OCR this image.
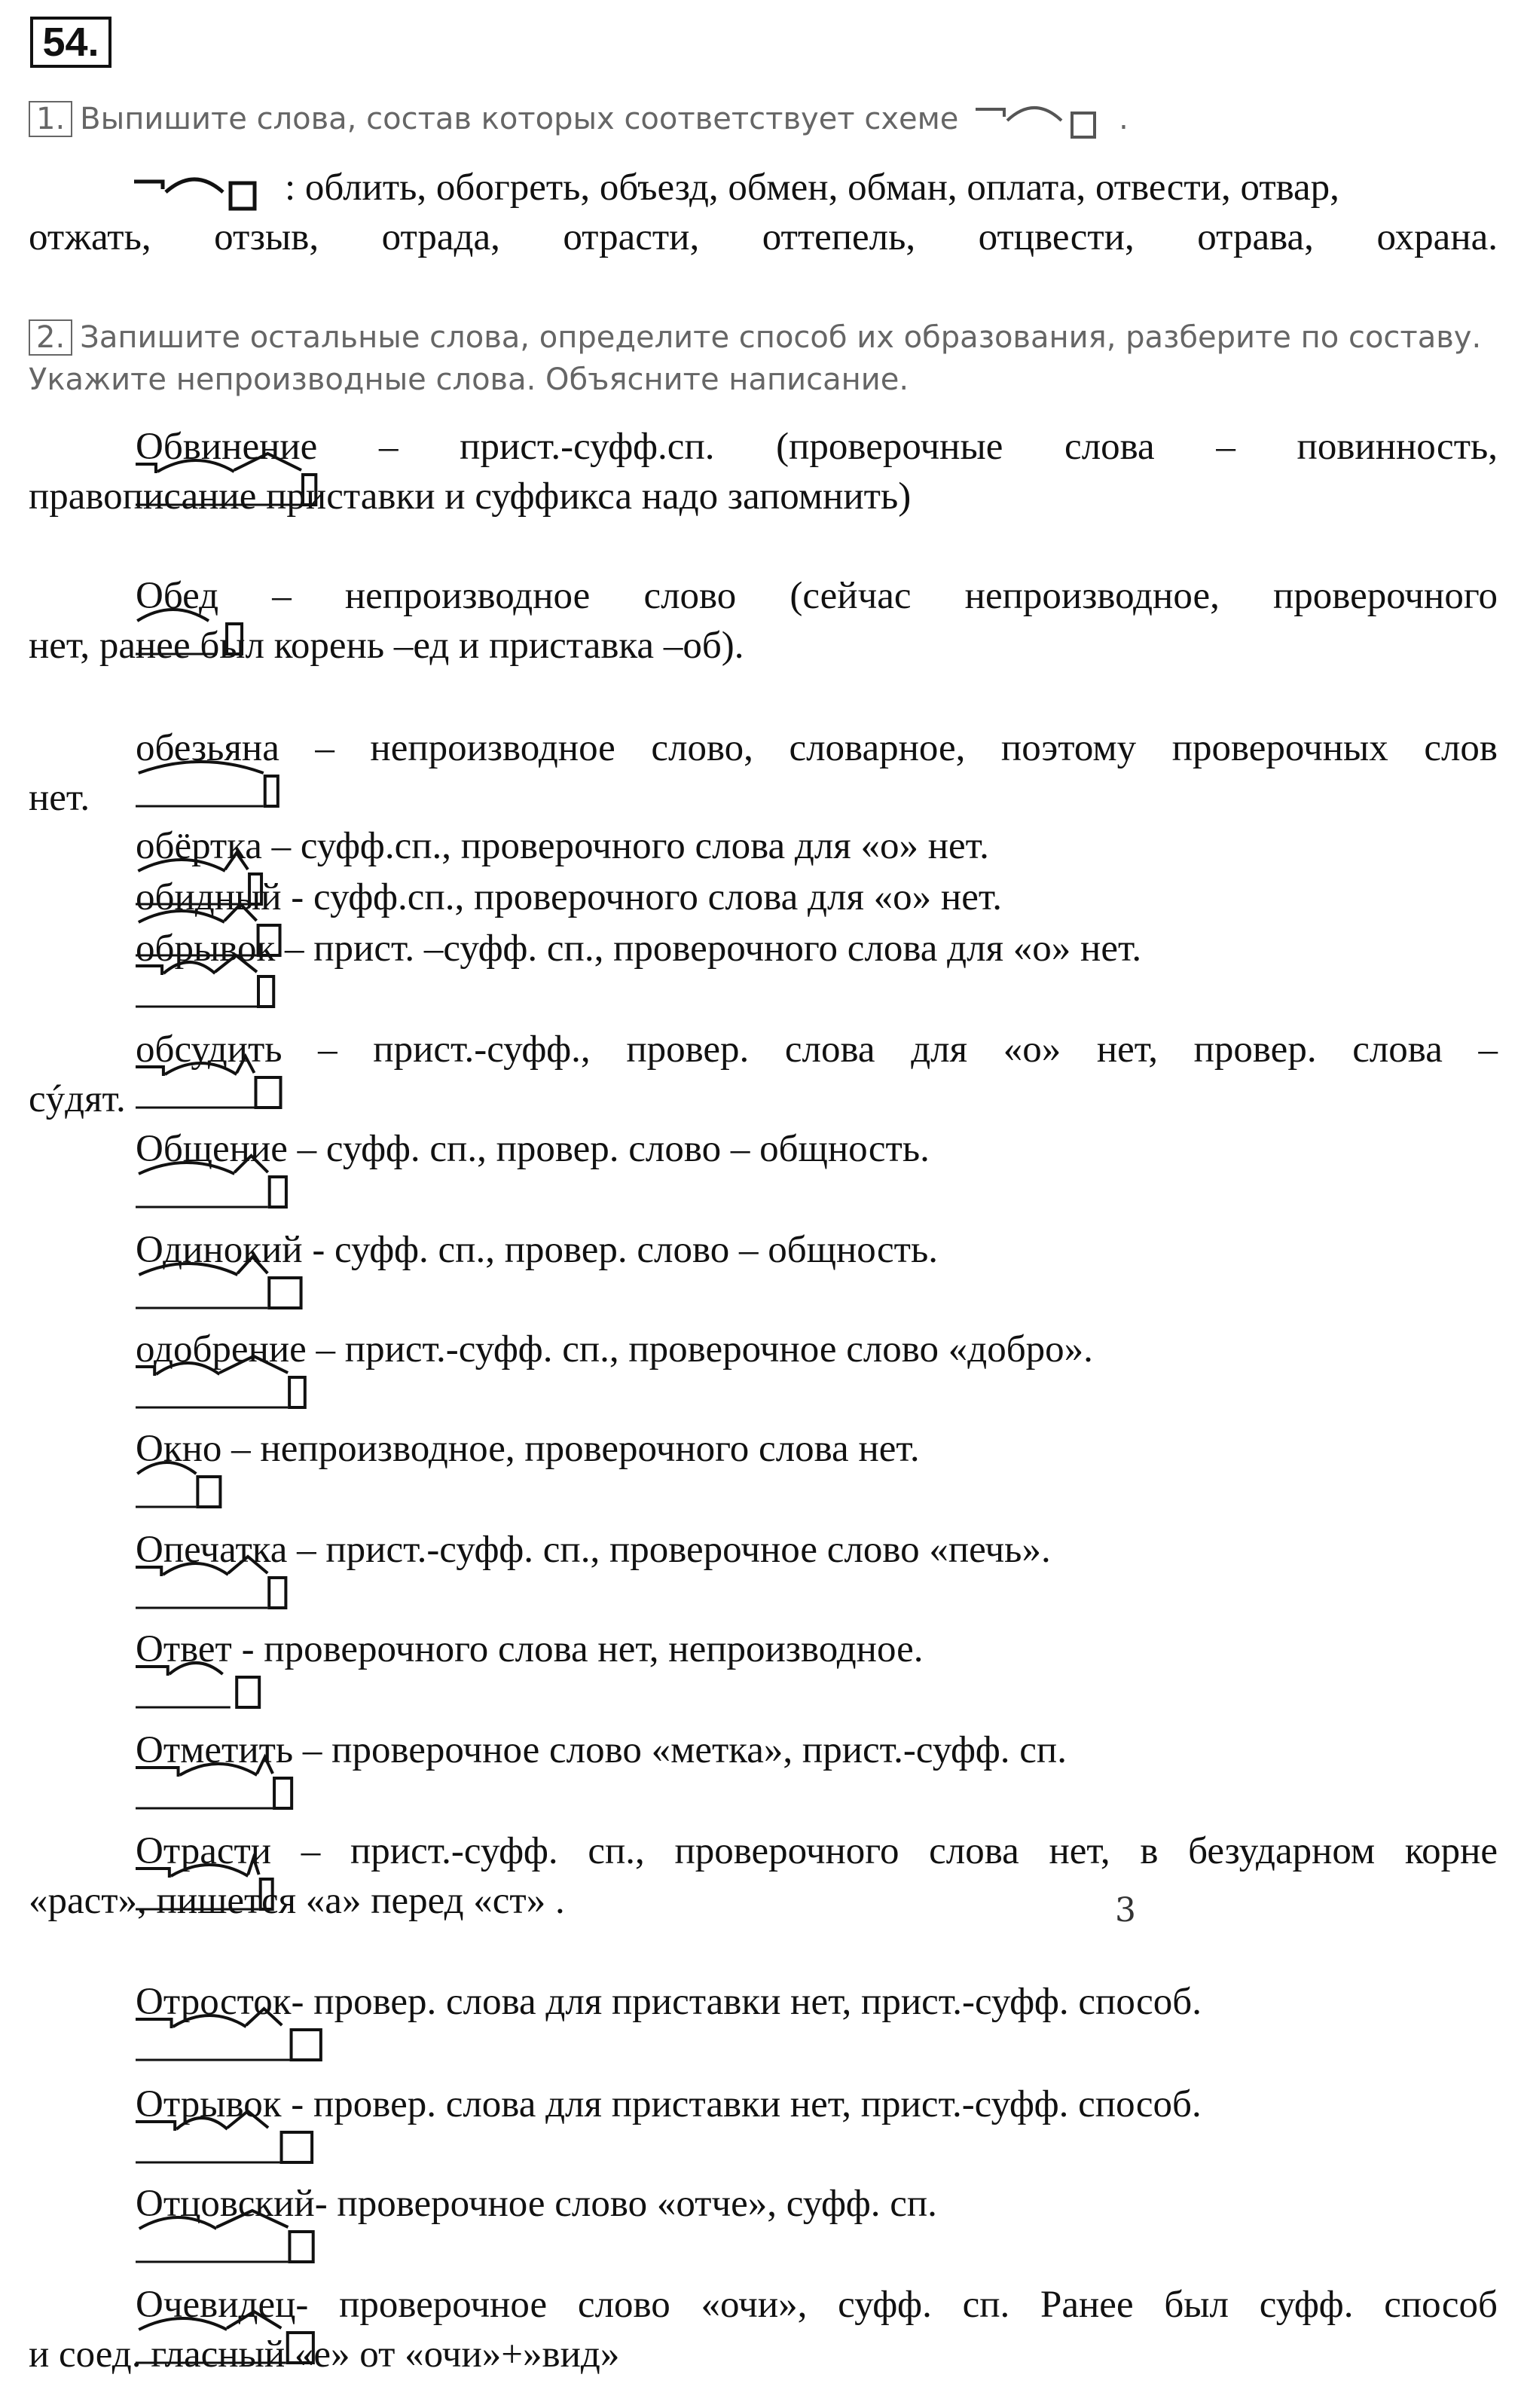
54.
1. Выпишите слова, состав которых соответствует схеме	.
: облить, обогреть, объезд, обмен, обман, оплата, отвести, отвар,
отжать, отзыв, отрада, отрасти, оттепель, отцвести, отрава, охрана.
2. Запишите остальные слова, определите способ их образования, разберите по составу.
Укажите непроизводные слова. Объясните написание.
Обвинение
– прист.-суфф.сп. (проверочные слова – повинность,
правописание приставки и суффикса надо запомнить)
Обед
– непроизводное слово (сейчас непроизводное, проверочного
нет, ранее был корень –ед и приставка –об).
обезьяна
– непроизводное слово, словарное, поэтому проверочных слов
нет.
обёртка
– суфф.сп., проверочного слова для «о» нет.
обидный
- суфф.сп., проверочного слова для «о» нет.
обрывок
– прист. –суфф. сп., проверочного слова для «о» нет.
обсудить
– прист.-суфф., провер. слова для «о» нет, провер. слова –
сýдят.
Общение
– суфф. сп., провер. слово – общность.
Одинокий
- суфф. сп., провер. слово – общность.
одобрение
– прист.-суфф. сп., проверочное слово «добро».
Окно
– непроизводное, проверочного слова нет.
Опечатка
– прист.-суфф. сп., проверочное слово «печь».
Ответ
- проверочного слова нет, непроизводное.
Отметить
– проверочное слово «метка», прист.-суфф. сп.
Отрасти
– прист.-суфф. сп., проверочного слова нет, в безударном корне
«раст», пишется «а» перед «ст» .
Отросток
- провер. слова для приставки нет, прист.-суфф. способ.
Отрывок
- провер. слова для приставки нет, прист.-суфф. способ.
Отцовский
- проверочное слово «отче», суфф. сп.
Очевидец
- проверочное слово «очи», суфф. сп. Ранее был суфф. способ
и соед. гласный «е» от «очи»+»вид»
3
